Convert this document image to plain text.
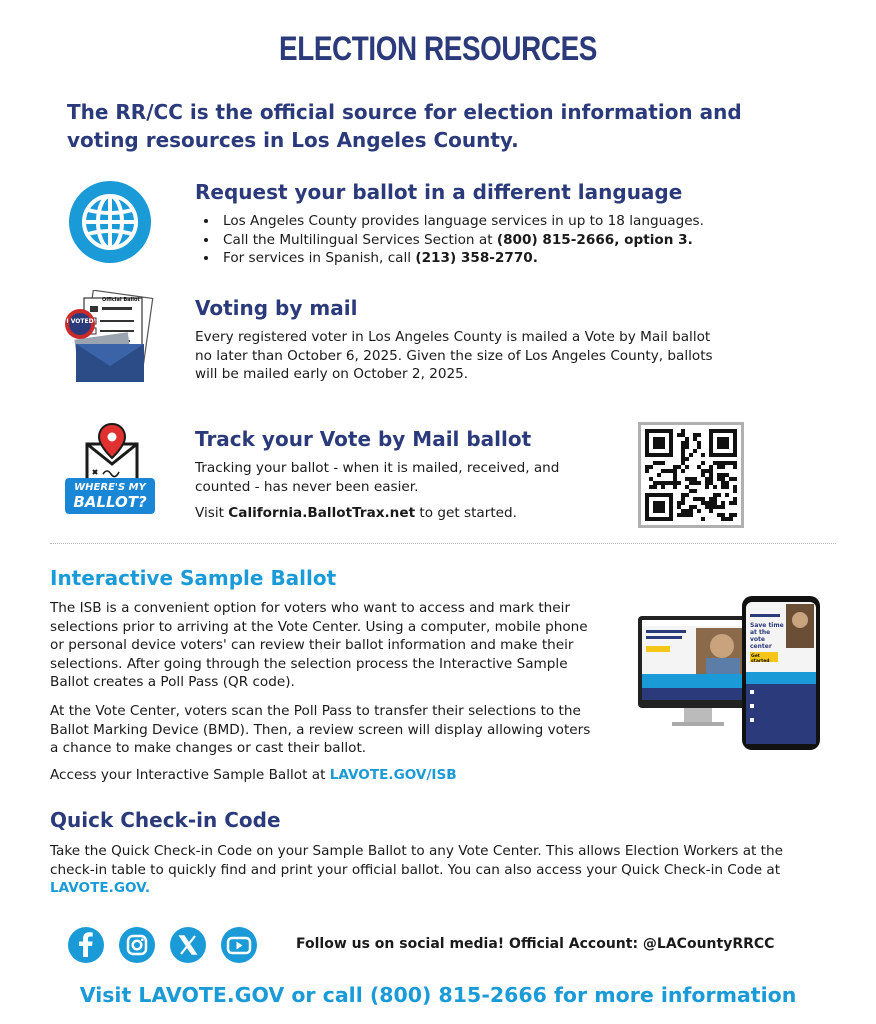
ELECTION RESOURCES
The RR/CC is the official source for election information and voting resources in Los Angeles County.
Request your ballot in a different language
• Los Angeles County provides language services in up to 18 languages.
• Call the Multilingual Services Section at (800) 815-2666, option 3.
• For services in Spanish, call (213) 358-2770.
I VOTED
Official Ballot	Voting by mail
Every registered voter in Los Angeles County is mailed a Vote by Mail ballot no later than October 6, 2025. Given the size of Los Angeles County, ballots will be mailed early on October 2, 2025.
WHERE'S MY
BALLOT?
Track your Vote by Mail ballot
Tracking your ballot - when it is mailed, received, and counted - has never been easier.
Visit California.BallotTrax.net to get started.
Interactive Sample Ballot
The ISB is a convenient option for voters who want to access and mark their selections prior to arriving at the Vote Center. Using a computer, mobile phone or personal device voters' can review their ballot information and make their selections. After going through the selection process the Interactive Sample Ballot creates a Poll Pass (QR code).
At the Vote Center, voters scan the Poll Pass to transfer their selections to the Ballot Marking Device (BMD). Then, a review screen will display allowing voters a chance to make changes or cast their ballot.
Access your Interactive Sample Ballot at LAVOTE.GOV/ISB
Save time at the vote center
Get started
Quick Check-in Code
Take the Quick Check-in Code on your Sample Ballot to any Vote Center. This allows Election Workers at the check-in table to quickly find and print your official ballot. You can also access your Quick Check-in Code at LAVOTE.GOV.
Follow us on social media! Official Account: @LACountyRRCC
Visit LAVOTE.GOV or call (800) 815-2666 for more information
